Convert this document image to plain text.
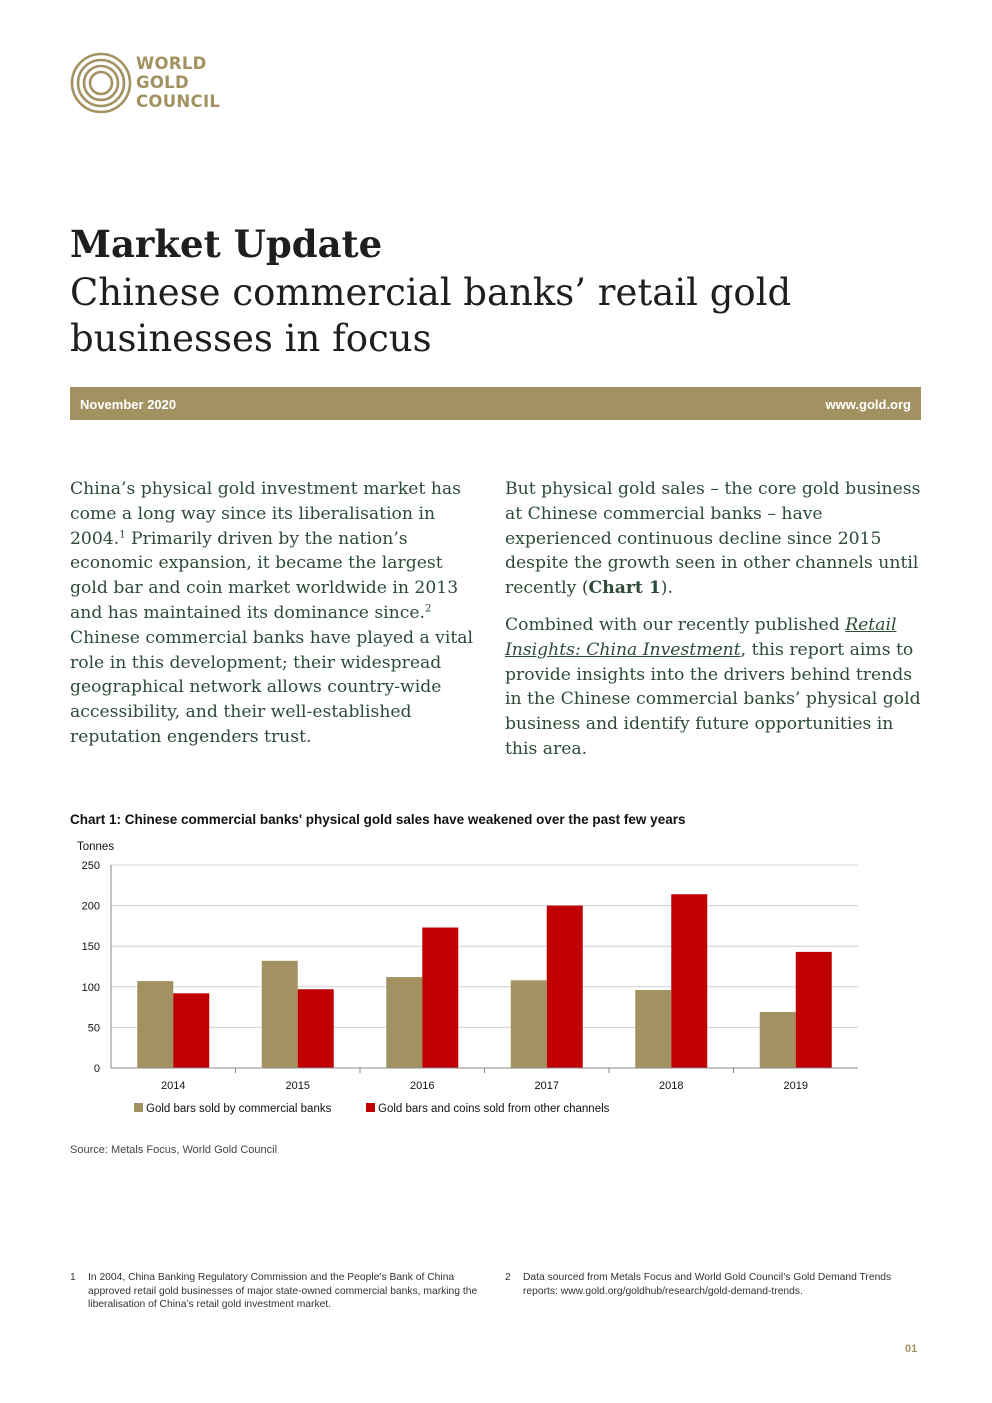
WORLD
GOLD
COUNCIL
Market Update
Chinese commercial banks’ retail gold businesses in focus
November 2020	www.gold.org

China’s physical gold investment market has come a long way since its liberalisation in 2004.$^1$ Primarily driven by the nation’s economic expansion, it became the largest gold bar and coin market worldwide in 2013 and has maintained its dominance since.$^2$ Chinese commercial banks have played a vital role in this development; their widespread geographical network allows country-wide accessibility, and their well-established reputation engenders trust.

But physical gold sales – the core gold business at Chinese commercial banks – have experienced continuous decline since 2015 despite the growth seen in other channels until recently (Chart 1).

Combined with our recently published Retail Insights: China Investment, this report aims to provide insights into the drivers behind trends in the Chinese commercial banks’ physical gold business and identify future opportunities in this area.

Chart 1: Chinese commercial banks' physical gold sales have weakened over the past few years
Tonnes
0
50
100
150
200
250
2014	2015	2016	2017	2018	2019
Gold bars sold by commercial banks	Gold bars and coins sold from other channels
Source: Metals Focus, World Gold Council
1 In 2004, China Banking Regulatory Commission and the People’s Bank of China approved retail gold businesses of major state-owned commercial banks, marking the liberalisation of China’s retail gold investment market.
2 Data sourced from Metals Focus and World Gold Council’s Gold Demand Trends reports: www.gold.org/goldhub/research/gold-demand-trends.
01
